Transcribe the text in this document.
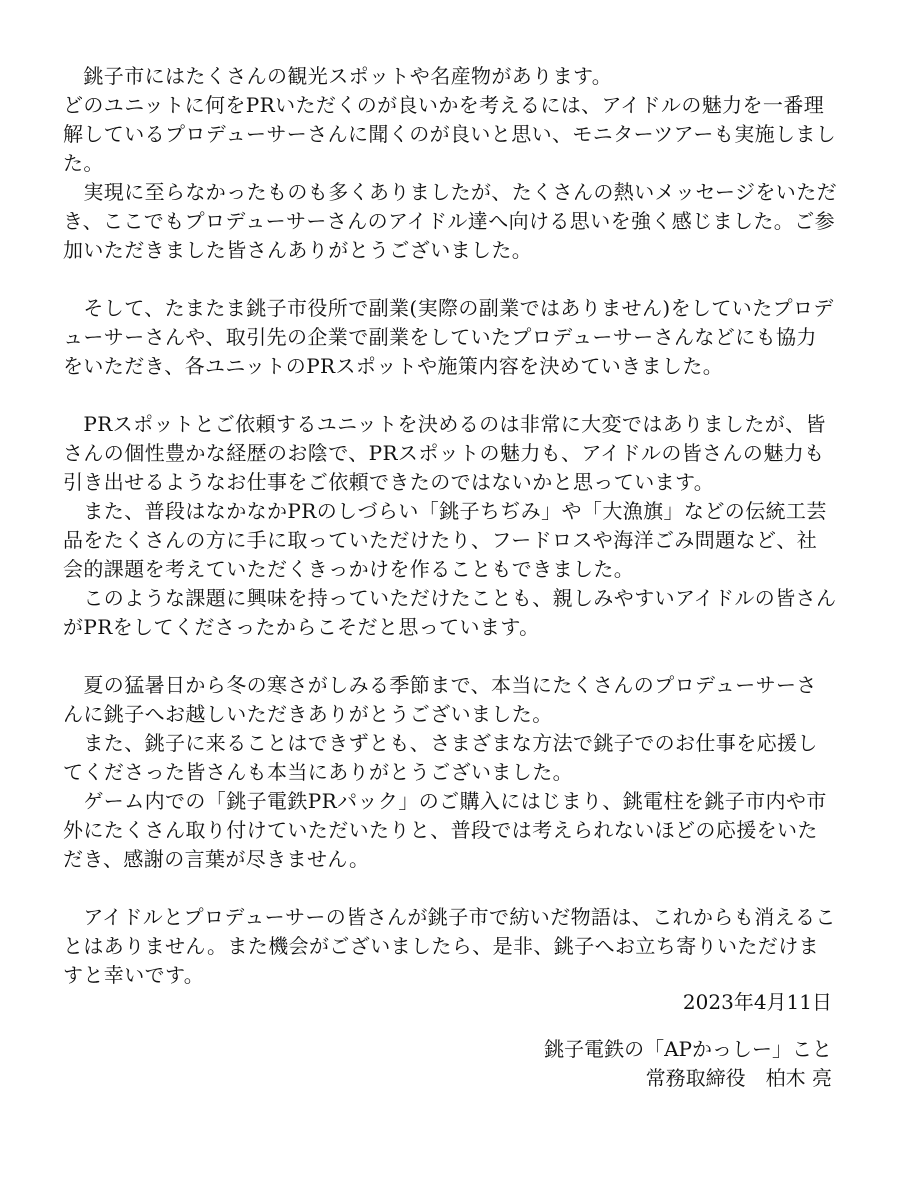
　銚子市にはたくさんの観光スポットや名産物があります。
どのユニットに何をPRいただくのが良いかを考えるには、アイドルの魅力を一番理解しているプロデューサーさんに聞くのが良いと思い、モニターツアーも実施しました。

　実現に至らなかったものも多くありましたが、たくさんの熱いメッセージをいただき、ここでもプロデューサーさんのアイドル達へ向ける思いを強く感じました。ご参加いただきました皆さんありがとうございました。

　そして、たまたま銚子市役所で副業(実際の副業ではありません)をしていたプロデューサーさんや、取引先の企業で副業をしていたプロデューサーさんなどにも協力をいただき、各ユニットのPRスポットや施策内容を決めていきました。

　PRスポットとご依頼するユニットを決めるのは非常に大変ではありましたが、皆さんの個性豊かな経歴のお陰で、PRスポットの魅力も、アイドルの皆さんの魅力も引き出せるようなお仕事をご依頼できたのではないかと思っています。

　また、普段はなかなかPRのしづらい「銚子ちぢみ」や「大漁旗」などの伝統工芸品をたくさんの方に手に取っていただけたり、フードロスや海洋ごみ問題など、社会的課題を考えていただくきっかけを作ることもできました。

　このような課題に興味を持っていただけたことも、親しみやすいアイドルの皆さんがPRをしてくださったからこそだと思っています。

　夏の猛暑日から冬の寒さがしみる季節まで、本当にたくさんのプロデューサーさんに銚子へお越しいただきありがとうございました。

　また、銚子に来ることはできずとも、さまざまな方法で銚子でのお仕事を応援してくださった皆さんも本当にありがとうございました。

　ゲーム内での「銚子電鉄PRパック」のご購入にはじまり、銚電柱を銚子市内や市外にたくさん取り付けていただいたりと、普段では考えられないほどの応援をいただき、感謝の言葉が尽きません。

　アイドルとプロデューサーの皆さんが銚子市で紡いだ物語は、これからも消えることはありません。また機会がございましたら、是非、銚子へお立ち寄りいただけますと幸いです。

2023年4月11日
銚子電鉄の「APかっしー」こと
常務取締役　柏木 亮
